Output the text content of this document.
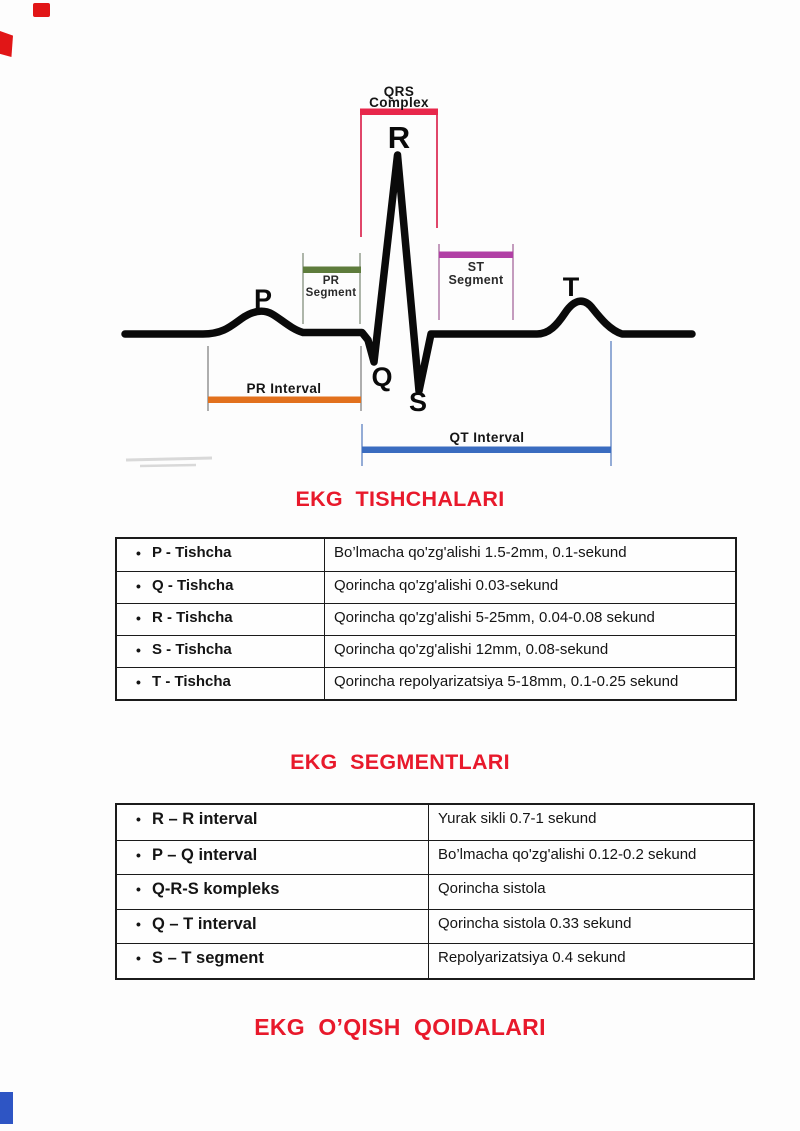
P
R
Q
S
T
QRS
Complex
PR
Segment
ST
Segment
PR Interval
QT Interval
EKG  TISHCHALARI
• P - Tishcha	Bo’lmacha qo'zg'alishi 1.5-2mm, 0.1-sekund
• Q - Tishcha	Qorincha qo'zg'alishi 0.03-sekund
• R - Tishcha	Qorincha qo'zg'alishi 5-25mm, 0.04-0.08 sekund
• S - Tishcha	Qorincha qo'zg'alishi 12mm, 0.08-sekund
• T - Tishcha	Qorincha repolyarizatsiya 5-18mm, 0.1-0.25 sekund
EKG  SEGMENTLARI
• R – R interval	Yurak sikli 0.7-1 sekund
• P – Q interval	Bo’lmacha qo'zg'alishi 0.12-0.2 sekund
• Q-R-S kompleks	Qorincha sistola
• Q – T interval	Qorincha sistola 0.33 sekund
• S – T segment	Repolyarizatsiya 0.4 sekund
EKG  O’QISH  QOIDALARI
